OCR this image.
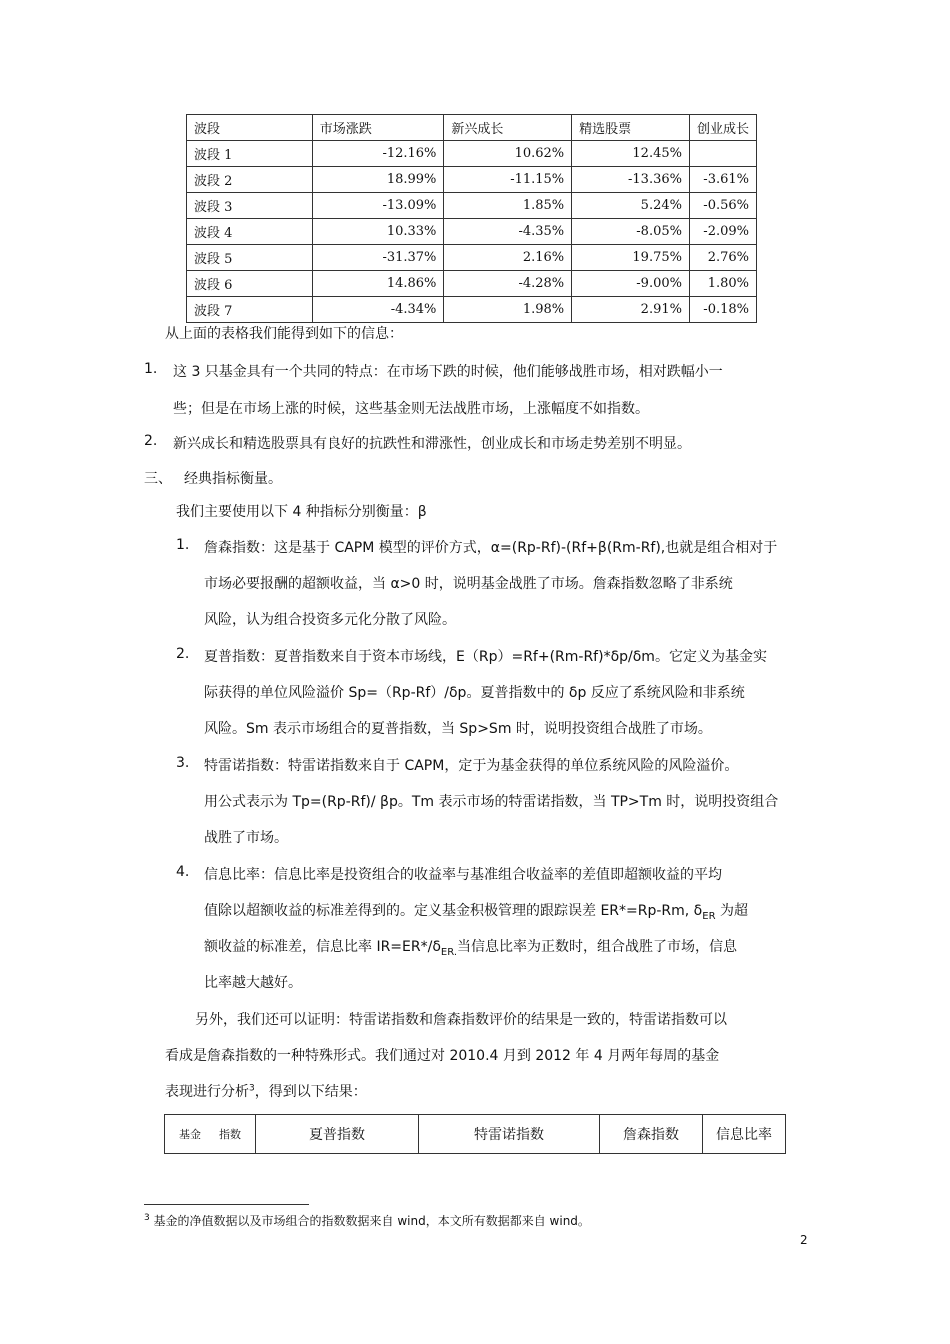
波段	市场涨跌	新兴成长	精选股票	创业成长
波段 1	-12.16%	10.62%	12.45%	
波段 2	18.99%	-11.15%	-13.36%	-3.61%
波段 3	-13.09%	1.85%	5.24%	-0.56%
波段 4	10.33%	-4.35%	-8.05%	-2.09%
波段 5	-31.37%	2.16%	19.75%	2.76%
波段 6	14.86%	-4.28%	-9.00%	1.80%
波段 7	-4.34%	1.98%	2.91%	-0.18%
从上面的表格我们能得到如下的信息：
1. 这 3 只基金具有一个共同的特点：在市场下跌的时候，他们能够战胜市场，相对跌幅小一
些；但是在市场上涨的时候，这些基金则无法战胜市场，上涨幅度不如指数。
2. 新兴成长和精选股票具有良好的抗跌性和滞涨性，创业成长和市场走势差别不明显。
三、 经典指标衡量。
我们主要使用以下 4 种指标分别衡量：β
1. 詹森指数：这是基于 CAPM 模型的评价方式，α=(Rp-Rf)-(Rf+β(Rm-Rf),也就是组合相对于
市场必要报酬的超额收益，当 α>0 时，说明基金战胜了市场。詹森指数忽略了非系统
风险，认为组合投资多元化分散了风险。
2. 夏普指数：夏普指数来自于资本市场线，E（Rp）=Rf+(Rm-Rf)*δp/δm。它定义为基金实
际获得的单位风险溢价 Sp=（Rp-Rf）/δp。夏普指数中的 δp 反应了系统风险和非系统
风险。Sm 表示市场组合的夏普指数，当 Sp>Sm 时，说明投资组合战胜了市场。
3. 特雷诺指数：特雷诺指数来自于 CAPM，定于为基金获得的单位系统风险的风险溢价。
用公式表示为 Tp=(Rp-Rf)/ βp。Tm 表示市场的特雷诺指数，当 TP>Tm 时，说明投资组合
战胜了市场。
4. 信息比率：信息比率是投资组合的收益率与基准组合收益率的差值即超额收益的平均
值除以超额收益的标准差得到的。定义基金积极管理的跟踪误差 ER*=Rp-Rm, $\delta_{ER}$ 为超
额收益的标准差，信息比率 $IR=ER*/\delta_{ER.}$当信息比率为正数时，组合战胜了市场，信息
比率越大越好。
另外，我们还可以证明：特雷诺指数和詹森指数评价的结果是一致的，特雷诺指数可以
看成是詹森指数的一种特殊形式。我们通过对 2010.4 月到 2012 年 4 月两年每周的基金
表现进行分析$^3$，得到以下结果：
基金 指数	夏普指数	特雷诺指数	詹森指数	信息比率
$^3$ 基金的净值数据以及市场组合的指数数据来自 wind，本文所有数据都来自 wind。
2
